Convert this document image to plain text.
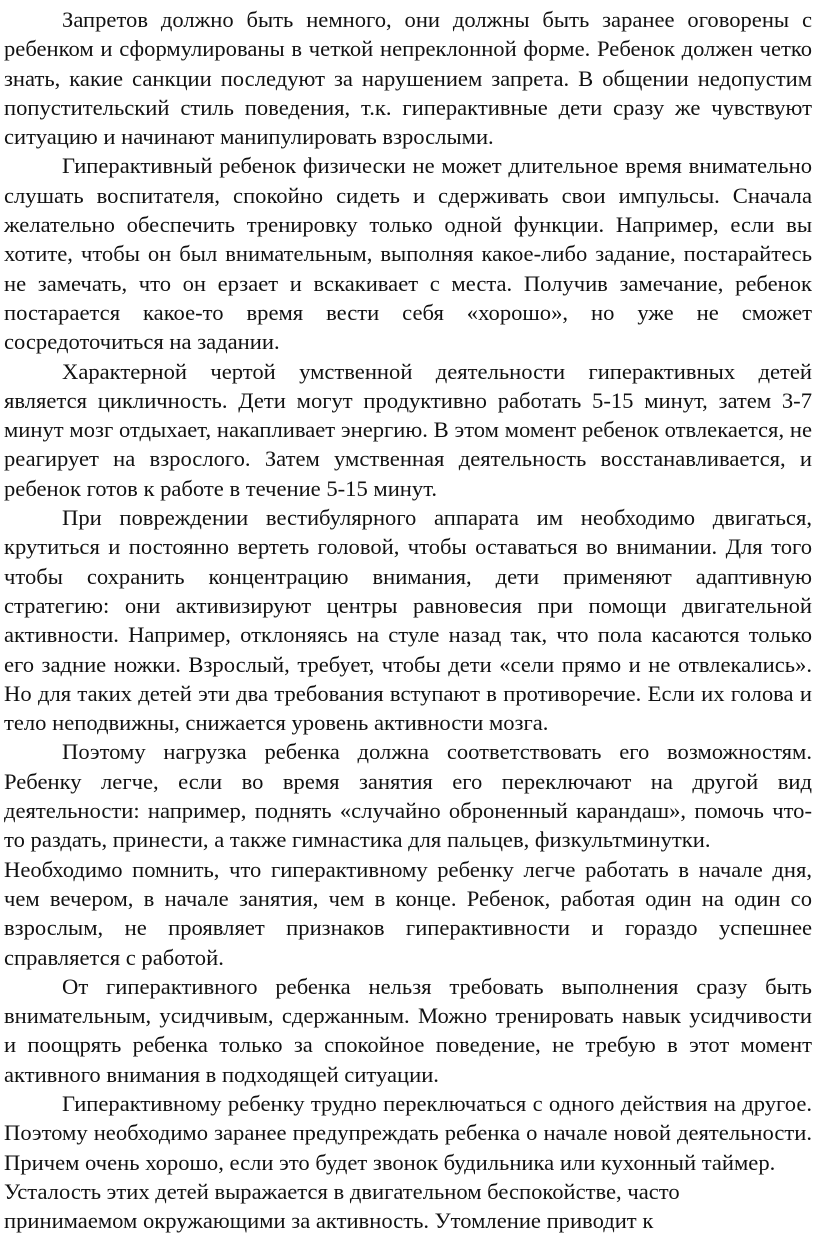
Запретов должно быть немного, они должны быть заранее оговорены с ребенком и сформулированы в четкой непреклонной форме. Ребенок должен четко знать, какие санкции последуют за нарушением запрета. В общении недопустим попустительский стиль поведения, т.к. гиперактивные дети сразу же чувствуют ситуацию и начинают манипулировать взрослыми.

Гиперактивный ребенок физически не может длительное время внимательно слушать воспитателя, спокойно сидеть и сдерживать свои импульсы. Сначала желательно обеспечить тренировку только одной функции. Например, если вы хотите, чтобы он был внимательным, выполняя какое-либо задание, постарайтесь не замечать, что он ерзает и вскакивает с места. Получив замечание, ребенок постарается какое-то время вести себя «хорошо», но уже не сможет сосредоточиться на задании.

Характерной чертой умственной деятельности гиперактивных детей является цикличность. Дети могут продуктивно работать 5-15 минут, затем 3-7 минут мозг отдыхает, накапливает энергию. В этом момент ребенок отвлекается, не реагирует на взрослого. Затем умственная деятельность восстанавливается, и ребенок готов к работе в течение 5-15 минут.

При повреждении вестибулярного аппарата им необходимо двигаться, крутиться и постоянно вертеть головой, чтобы оставаться во внимании. Для того чтобы сохранить концентрацию внимания, дети применяют адаптивную стратегию: они активизируют центры равновесия при помощи двигательной активности. Например, отклоняясь на стуле назад так, что пола касаются только его задние ножки. Взрослый, требует, чтобы дети «сели прямо и не отвлекались». Но для таких детей эти два требования вступают в противоречие. Если их голова и тело неподвижны, снижается уровень активности мозга.

Поэтому нагрузка ребенка должна соответствовать его возможностям. Ребенку легче, если во время занятия его переключают на другой вид деятельности: например, поднять «случайно оброненный карандаш», помочь что-то раздать, принести, а также гимнастика для пальцев, физкультминутки.

Необходимо помнить, что гиперактивному ребенку легче работать в начале дня, чем вечером, в начале занятия, чем в конце. Ребенок, работая один на один со взрослым, не проявляет признаков гиперактивности и гораздо успешнее справляется с работой.

От гиперактивного ребенка нельзя требовать выполнения сразу быть внимательным, усидчивым, сдержанным. Можно тренировать навык усидчивости и поощрять ребенка только за спокойное поведение, не требую в этот момент активного внимания в подходящей ситуации.

Гиперактивному ребенку трудно переключаться с одного действия на другое. Поэтому необходимо заранее предупреждать ребенка о начале новой деятельности. Причем очень хорошо, если это будет звонок будильника или кухонный таймер.

Усталость этих детей выражается в двигательном беспокойстве, часто принимаемом окружающими за активность. Утомление приводит к
